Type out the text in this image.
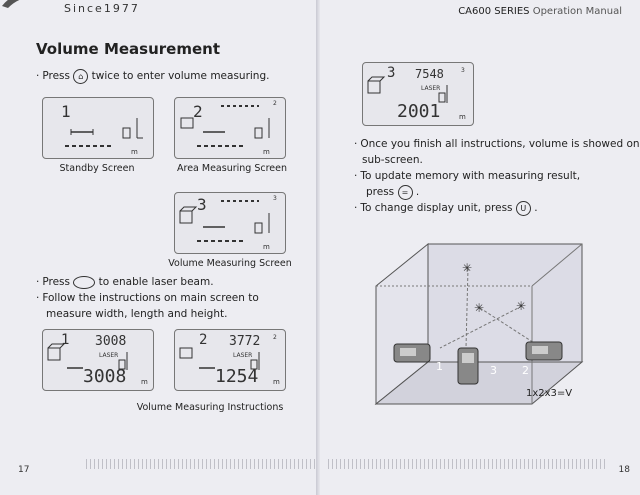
Since1977
Volume Measurement
· Press ⌂ twice to enter volume measuring.
1
m
Standby Screen
2
m
2
Area Measuring Screen
3
m
3
Volume Measuring Screen
· Press	to enable laser beam.
· Follow the instructions on main screen to
measure width, length and height.
1 3008
LASER
3008 m
2 3772 2
LASER
1254 m
Volume Measuring Instructions
17
CA600 SERIES Operation Manual
3 7548	3
LASER
2001	m
· Once you finish all instructions, volume is showed on
sub-screen.
· To update memory with measuring result,
press = .
· To change display unit, press U .
✳
✳	✳
1	2
3
1x2x3=V
18
